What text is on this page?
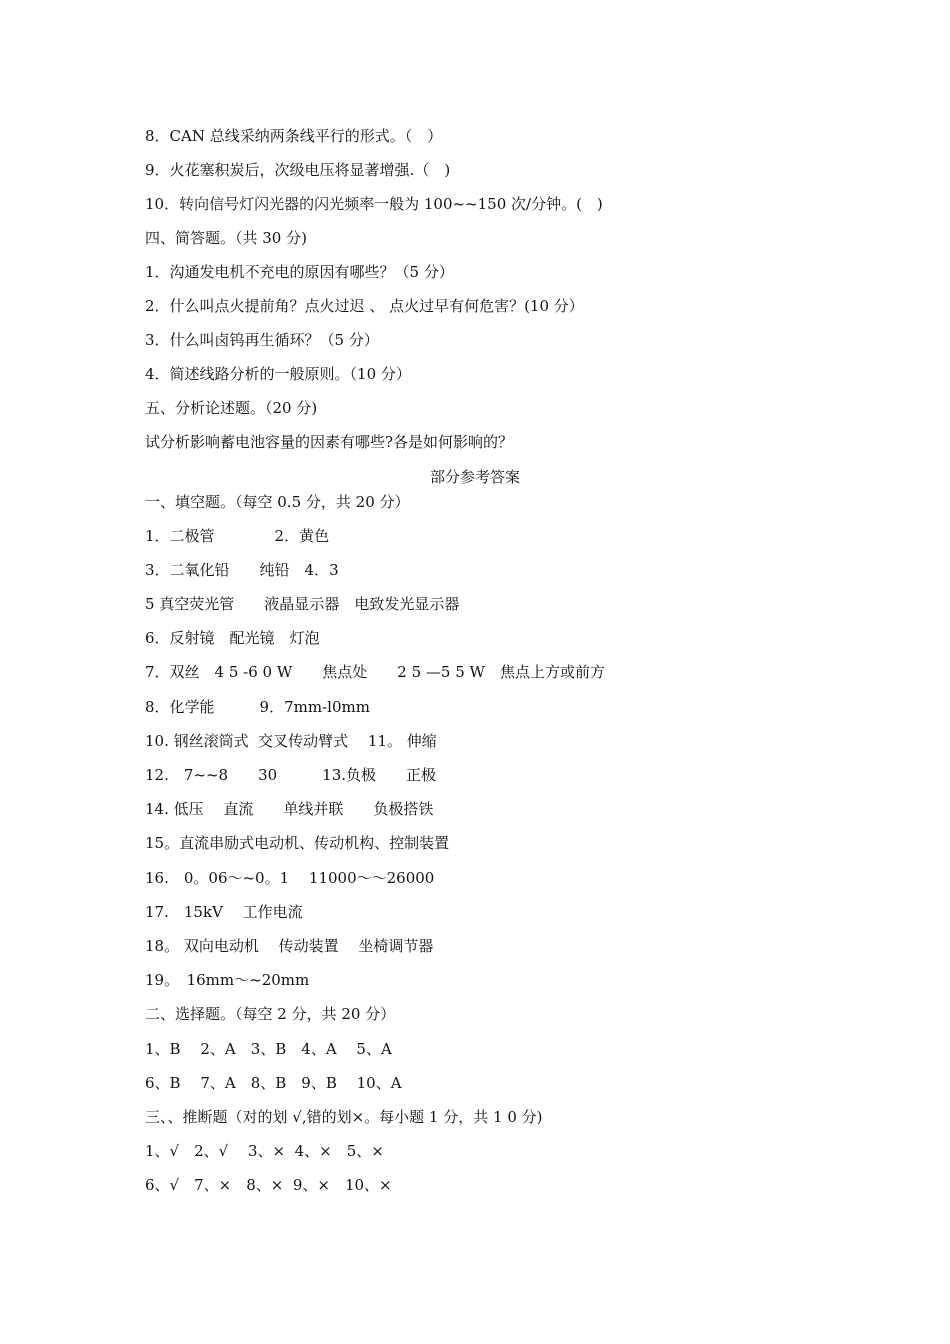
8．CAN 总线采纳两条线平行的形式。（　）
9．火花塞积炭后，次级电压将显著增强.（　)
10．转向信号灯闪光器的闪光频率一般为 100~~150 次/分钟。(　)
四、简答题。（共 30 分)
1．沟通发电机不充电的原因有哪些？（5 分）
2．什么叫点火提前角？点火过迟 、 点火过早有何危害？(10 分）
3．什么叫卤钨再生循环？（5 分）
4．简述线路分析的一般原则。（10 分）
五、分析论述题。（20 分)
试分析影响蓄电池容量的因素有哪些?各是如何影响的？
部分参考答案
一、填空题。（每空 0.5 分，共 20 分）
1．二极管　　　　2．黄色
3．二氧化铅　　纯铅　4．3
5 真空荧光管　　液晶显示器　电致发光显示器
6．反射镜　配光镜　灯泡
7．双丝　4 5 -6 0 W　　焦点处　　2 5 —5 5 W　焦点上方或前方
8．化学能　　　9．7mm-l0mm
10. 钢丝滚筒式  交叉传动臂式　 11。 伸缩
12.　7~~8　　30　　　13.负极　　正极
14. 低压　 直流　　单线并联　　负极搭铁
15。直流串励式电动机、传动机构、控制装置
16.　0。06～~0。1　 11000～～26000
17.　15kV　 工作电流
18。 双向电动机　 传动装置　 坐椅调节器
19。　16mm～~20mm
二、选择题。（每空 2 分，共 20 分）
1、B　 2、A　3、B　4、A　 5、A
6、B　 7、A　8、B　9、B　 10、A
三、、推断题（对的划 √,错的划×。每小题 1 分，共 1 0 分)
1、√　2、√　 3、×  4、×　5、×
6、√　7、×　8、×  9、×　10、×
